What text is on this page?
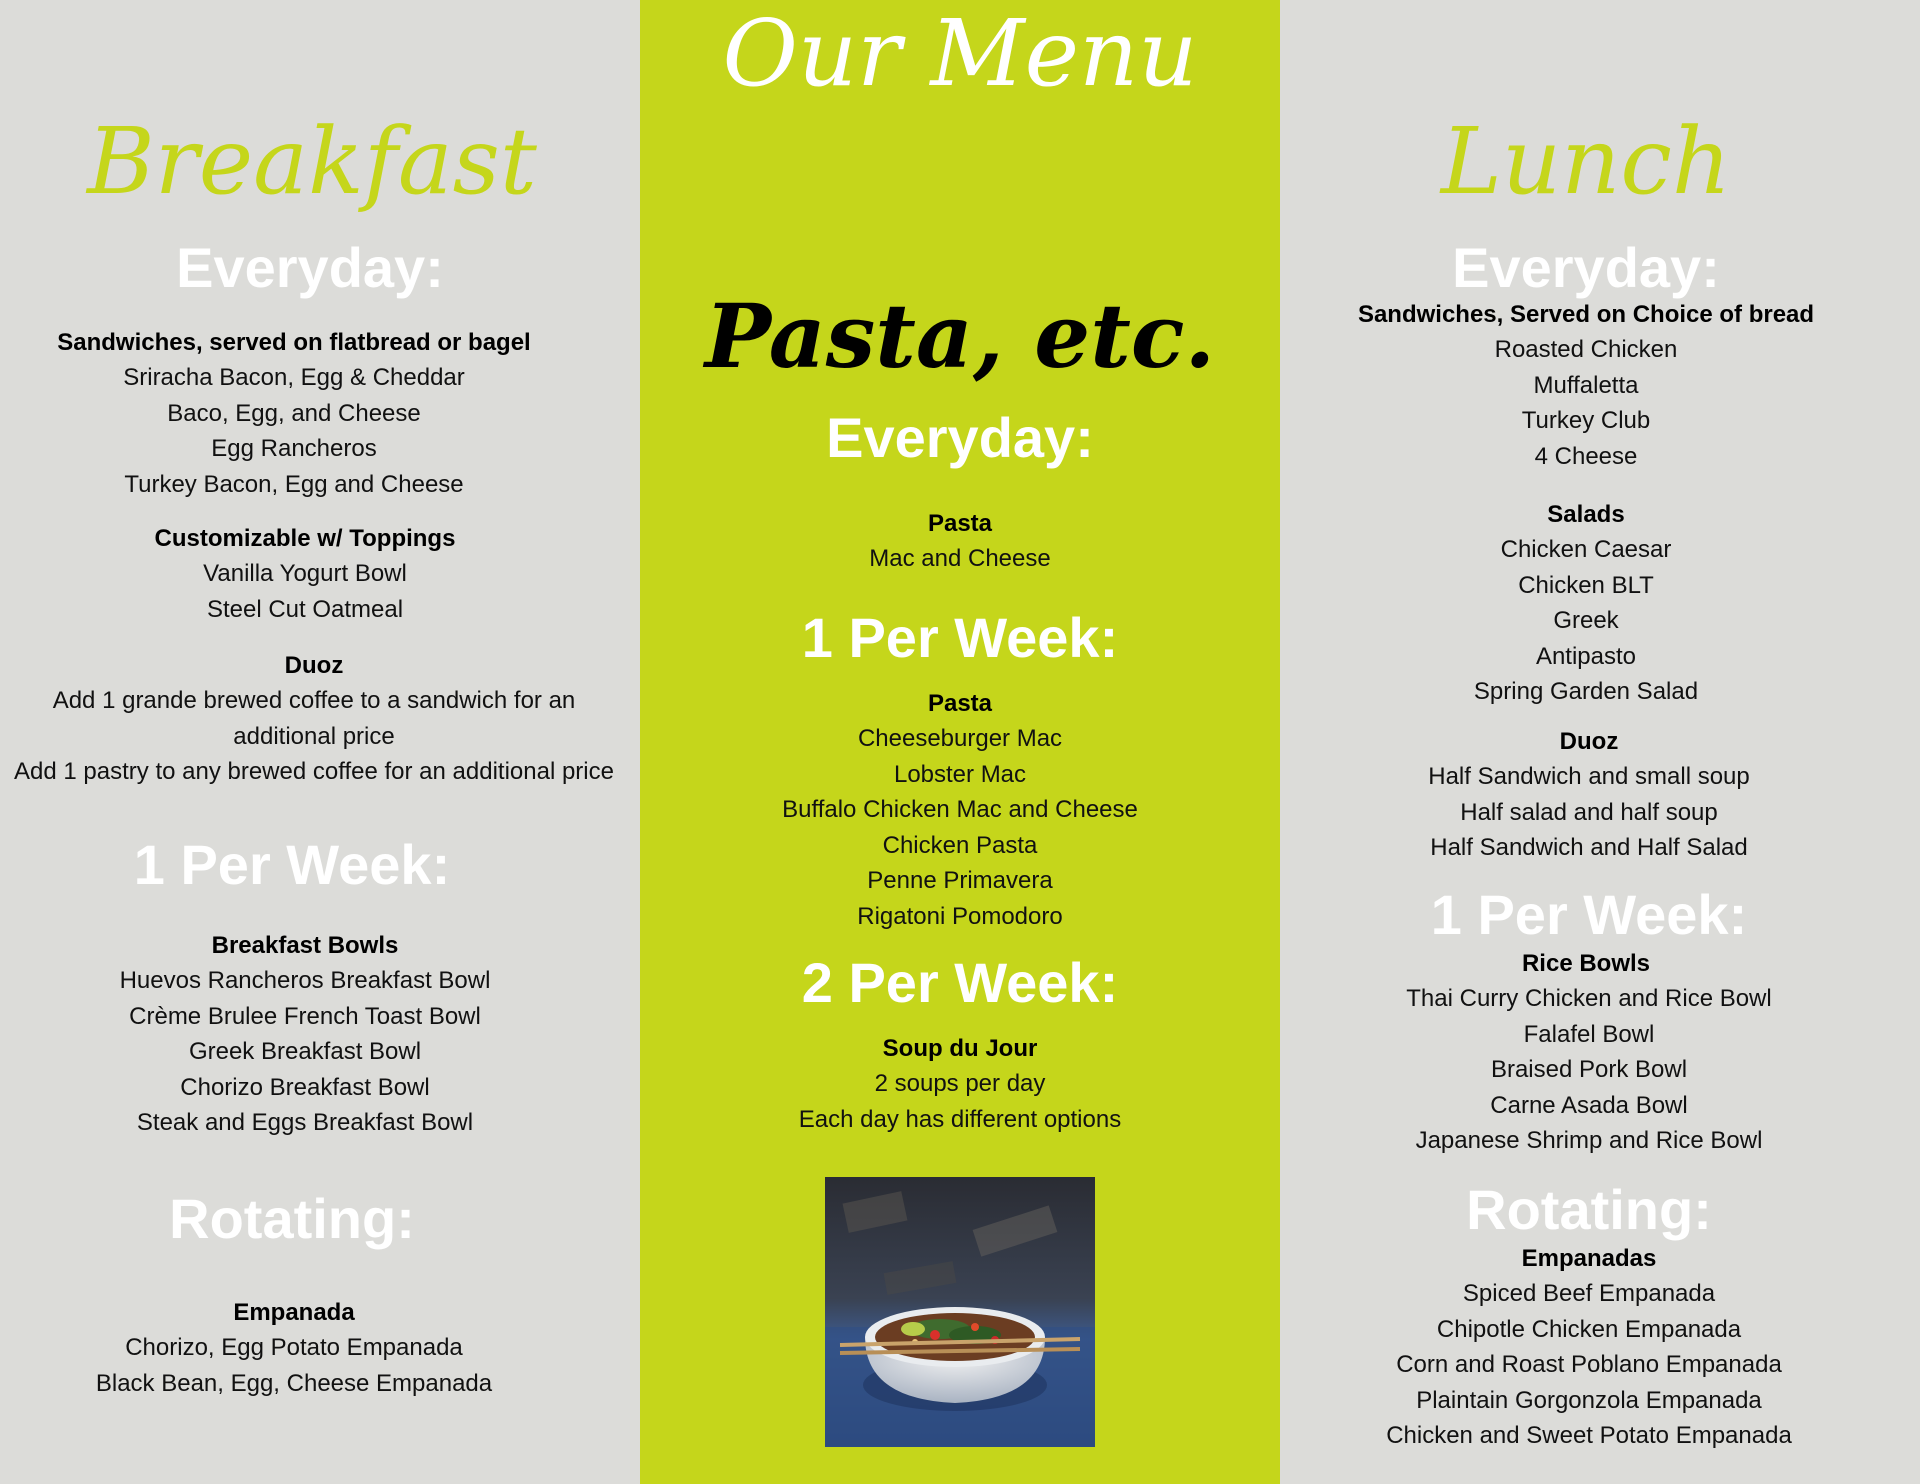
Breakfast
Everyday:

Sandwiches, served on flatbread or bagel

Sriracha Bacon, Egg & Cheddar

Baco, Egg, and Cheese

Egg Rancheros

Turkey Bacon, Egg and Cheese

Customizable w/ Toppings

Vanilla Yogurt Bowl

Steel Cut Oatmeal

Duoz

Add 1 grande brewed coffee to a sandwich for an additional price

Add 1 pastry to any brewed coffee for an additional price

1 Per Week:

Breakfast Bowls

Huevos Rancheros Breakfast Bowl

Crème Brulee French Toast Bowl

Greek Breakfast Bowl

Chorizo Breakfast Bowl

Steak and Eggs Breakfast Bowl

Rotating:

Empanada

Chorizo, Egg Potato Empanada

Black Bean, Egg, Cheese Empanada

Our Menu
Pasta, etc.
Everyday:

Pasta

Mac and Cheese

1 Per Week:

Pasta

Cheeseburger Mac

Lobster Mac

Buffalo Chicken Mac and Cheese

Chicken Pasta

Penne Primavera

Rigatoni Pomodoro

2 Per Week:

Soup du Jour

2 soups per day

Each day has different options

Lunch
Everyday:

Sandwiches, Served on Choice of bread

Roasted Chicken

Muffaletta

Turkey Club

4 Cheese

Salads

Chicken Caesar

Chicken BLT

Greek

Antipasto

Spring Garden Salad

Duoz

Half Sandwich and small soup

Half salad and half soup

Half Sandwich and Half Salad

1 Per Week:

Rice Bowls

Thai Curry Chicken and Rice Bowl

Falafel Bowl

Braised Pork Bowl

Carne Asada Bowl

Japanese Shrimp and Rice Bowl

Rotating:

Empanadas

Spiced Beef Empanada

Chipotle Chicken Empanada

Corn and Roast Poblano Empanada

Plaintain Gorgonzola Empanada

Chicken and Sweet Potato Empanada
